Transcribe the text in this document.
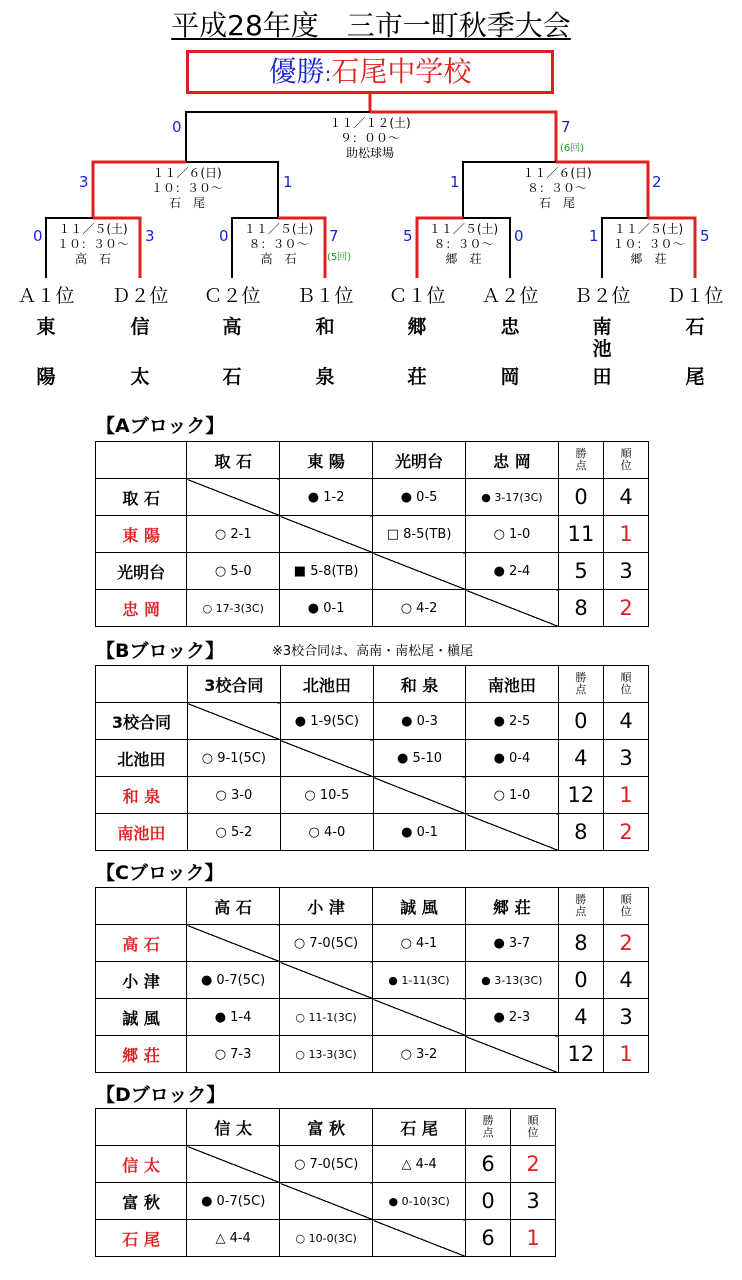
平成28年度　三市一町秋季大会
優勝:石尾中学校
１１／１２(土)
９：００～
助松球場
0	7
(6回)
１１／６(日)
１０：３０～
石　尾
3	1	１１／６(日)
８：３０～
石　尾
1	2
１１／５(土)
１０：３０～
高　石
0	3	１１／５(土)
８：３０～
高　石
0	7
(5回)
１１／５(土)
８：３０～
郷　荘
5	0	１１／５(土)
１０：３０～
郷　荘
1	5
Ａ１位	Ｄ２位	Ｃ２位	Ｂ１位	Ｃ１位	Ａ２位	Ｂ２位	Ｄ１位
東
陽
信
太
高
石
和
泉
郷
荘
忠
岡
南
池
田
石
尾
【Aブロック】
	取 石	東 陽	光明台	忠 岡	勝
点	順
位
取 石		● 1-2	● 0-5	● 3-17(3C)	0	4
東 陽	○ 2-1		□ 8-5(TB)	○ 1-0	11	1
光明台	○ 5-0	■ 5-8(TB)		● 2-4	5	3
忠 岡	○ 17-3(3C)	● 0-1	○ 4-2		8	2
【Bブロック】	※3校合同は、高南・南松尾・槇尾
	3校合同	北池田	和 泉	南池田	勝
点	順
位
3校合同		● 1-9(5C)	● 0-3	● 2-5	0	4
北池田	○ 9-1(5C)		● 5-10	● 0-4	4	3
和 泉	○ 3-0	○ 10-5		○ 1-0	12	1
南池田	○ 5-2	○ 4-0	● 0-1		8	2
【Cブロック】
	高 石	小 津	誠 風	郷 荘	勝
点	順
位
高 石		○ 7-0(5C)	○ 4-1	● 3-7	8	2
小 津	● 0-7(5C)		● 1-11(3C)	● 3-13(3C)	0	4
誠 風	● 1-4	○ 11-1(3C)		● 2-3	4	3
郷 荘	○ 7-3	○ 13-3(3C)	○ 3-2		12	1
【Dブロック】
	信 太	富 秋	石 尾	勝
点	順
位
信 太		○ 7-0(5C)	△ 4-4	6	2
富 秋	● 0-7(5C)		● 0-10(3C)	0	3
石 尾	△ 4-4	○ 10-0(3C)		6	1
